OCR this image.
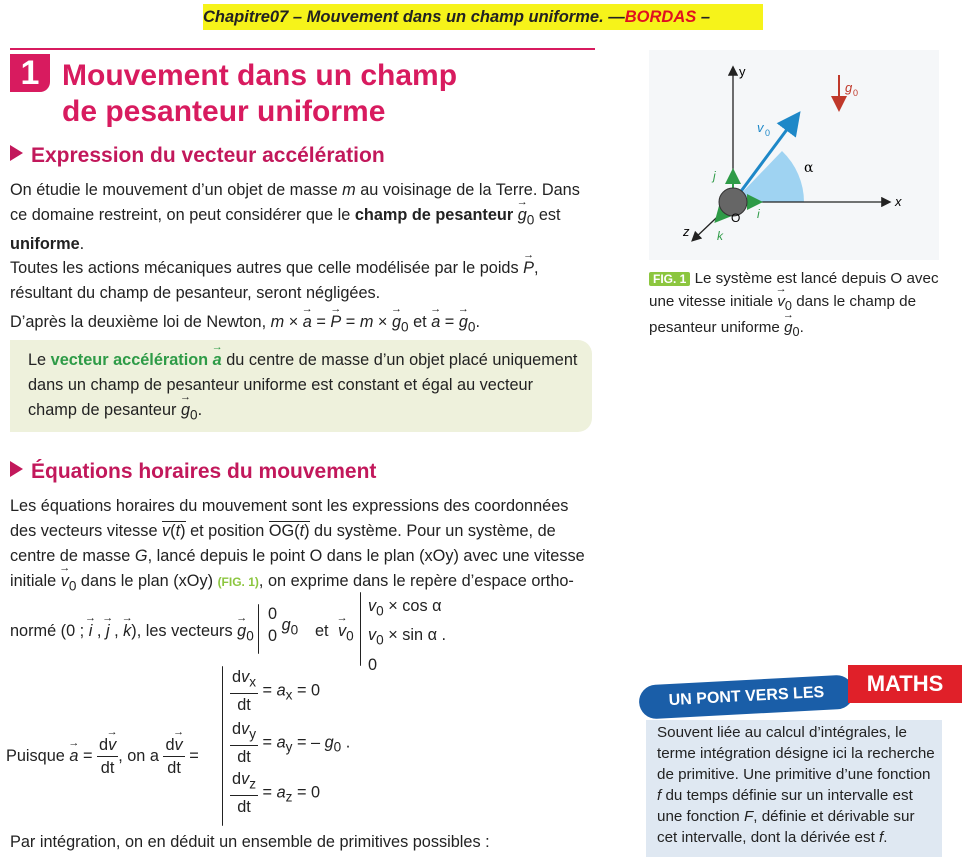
Chapitre07 – Mouvement dans un champ uniforme. —BORDAS –
1 Mouvement dans un champ
de pesanteur uniforme
Expression du vecteur accélération
On étudie le mouvement d’un objet de masse m au voisinage de la Terre. Dans ce domaine restreint, on peut considérer que le champ de pesanteur → $g_0$ est uniforme.
Toutes les actions mécaniques autres que celle modélisée par le poids → P, résultant du champ de pesanteur, seront négligées.
D’après la deuxième loi de Newton, m × → a = → P = m × → $g_0$ et → a = → $g_0$.
Le vecteur accélération → a du centre de masse d’un objet placé uniquement dans un champ de pesanteur uniforme est constant et égal au vecteur champ de pesanteur → $g_0$.
Équations horaires du mouvement
Les équations horaires du mouvement sont les expressions des coordonnées des vecteurs vitesse v(t) et position OG(t) du système. Pour un système, de centre de masse G, lancé depuis le point O dans le plan (xOy) avec une vitesse initiale → $v_0$ dans le plan (xOy) (FIG. 1), on exprime dans le repère d’espace ortho-
normé (0 ; → i , → j , → k), les vecteurs → $g_0$
0
0 $g_0$ et → $v_0$
$v_0 \times \cos \alpha$
$v_0 \times \sin \alpha$ .
0
Puisque → $a = \frac{d\to v}{dt}$ , on a $\frac{d\to v}{dt}$ =
$\frac{dv_x}{dt} = a_x = 0$
$\frac{dv_y}{dt} = a_y$ = – $g_0$ .
$\frac{dv_z}{dt} = a_z = 0$
Par intégration, on en déduit un ensemble de primitives possibles :
y
x
z
O
α
g 0
v 0
j
i
k
FIG. 1 Le système est lancé depuis O avec une vitesse initiale → $v_0$ dans le champ de pesanteur uniforme → $g_0$.
UN PONT VERS LES
MATHS
Souvent liée au calcul d’intégrales, le terme intégration désigne ici la recherche de primitive. Une primitive d’une fonction f du temps définie sur un intervalle est une fonction F, définie et dérivable sur cet intervalle, dont la dérivée est f.
